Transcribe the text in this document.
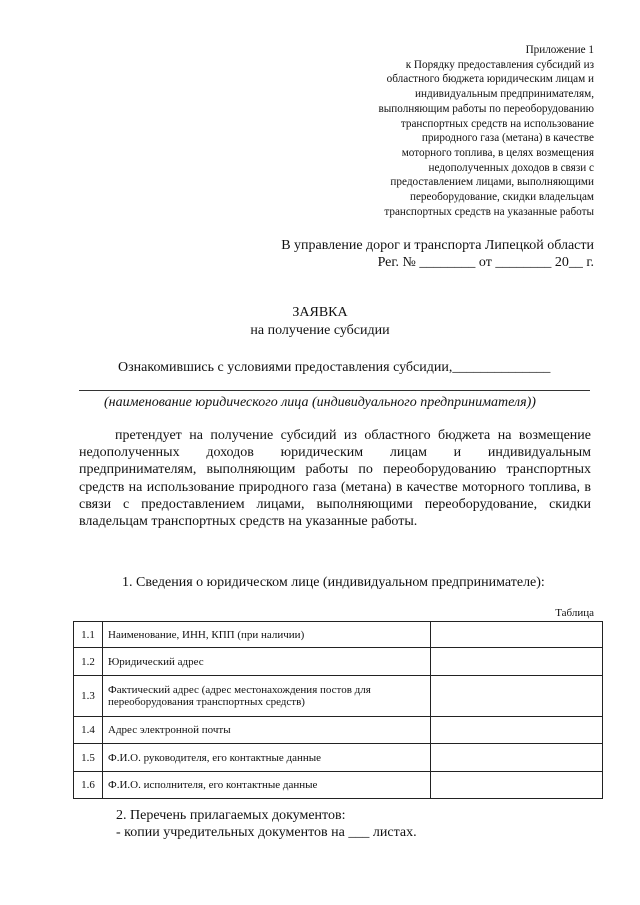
Приложение 1
к Порядку предоставления субсидий из
областного бюджета юридическим лицам и
индивидуальным предпринимателям,
выполняющим работы по переоборудованию
транспортных средств на использование
природного газа (метана) в качестве
моторного топлива, в целях возмещения
недополученных доходов в связи с
предоставлением лицами, выполняющими
переоборудование, скидки владельцам
транспортных средств на указанные работы
В управление дорог и транспорта Липецкой области
Рег. № ________ от ________ 20__ г.
ЗАЯВКА
на получение субсидии
Ознакомившись с условиями предоставления субсидии,______________
(наименование юридического лица (индивидуального предпринимателя))
претендует на получение субсидий из областного бюджета на возмещение недополученных доходов юридическим лицам и индивидуальным предпринимателям, выполняющим работы по переоборудованию транспортных средств на использование природного газа (метана) в качестве моторного топлива, в связи с предоставлением лицами, выполняющими переоборудование, скидки владельцам транспортных средств на указанные работы.
1. Сведения о юридическом лице (индивидуальном предпринимателе):
Таблица
1.1	Наименование, ИНН, КПП (при наличии)	
1.2	Юридический адрес	
1.3	Фактический адрес (адрес местонахождения постов для переоборудования транспортных средств)	
1.4	Адрес электронной почты	
1.5	Ф.И.О. руководителя, его контактные данные	
1.6	Ф.И.О. исполнителя, его контактные данные	
2. Перечень прилагаемых документов:
- копии учредительных документов на ___ листах.
